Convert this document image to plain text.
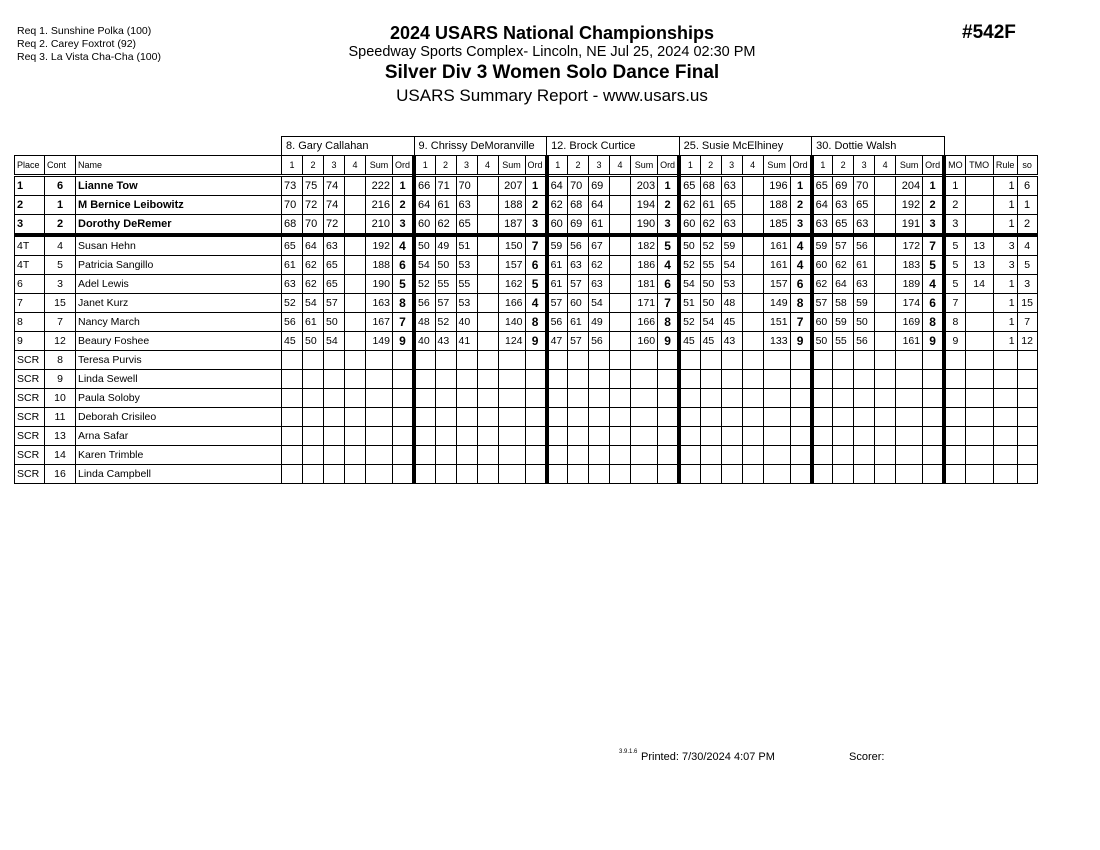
Req 1. Sunshine Polka (100)
Req 2. Carey Foxtrot (92)
Req 3. La Vista Cha-Cha (100)
2024 USARS National Championships
Speedway Sports Complex- Lincoln, NE Jul 25, 2024 02:30 PM
Silver Div 3 Women Solo Dance Final
USARS Summary Report - www.usars.us
#542F
			8. Gary Callahan						9. Chrissy DeMoranville						12. Brock Curtice						25. Susie McElhiney						30. Dottie Walsh									
Place	Cont	Name	1	2	3	4	Sum	Ord	1	2	3	4	Sum	Ord	1	2	3	4	Sum	Ord	1	2	3	4	Sum	Ord	1	2	3	4	Sum	Ord	MO	TMO	Rule	so
1	6	Lianne Tow	73	75	74		222	1	66	71	70		207	1	64	70	69		203	1	65	68	63		196	1	65	69	70		204	1	1		1	6
2	1	M Bernice Leibowitz	70	72	74		216	2	64	61	63		188	2	62	68	64		194	2	62	61	65		188	2	64	63	65		192	2	2		1	1
3	2	Dorothy DeRemer	68	70	72		210	3	60	62	65		187	3	60	69	61		190	3	60	62	63		185	3	63	65	63		191	3	3		1	2
4T	4	Susan Hehn	65	64	63		192	4	50	49	51		150	7	59	56	67		182	5	50	52	59		161	4	59	57	56		172	7	5	13	3	4
4T	5	Patricia Sangillo	61	62	65		188	6	54	50	53		157	6	61	63	62		186	4	52	55	54		161	4	60	62	61		183	5	5	13	3	5
6	3	Adel Lewis	63	62	65		190	5	52	55	55		162	5	61	57	63		181	6	54	50	53		157	6	62	64	63		189	4	5	14	1	3
7	15	Janet Kurz	52	54	57		163	8	56	57	53		166	4	57	60	54		171	7	51	50	48		149	8	57	58	59		174	6	7		1	15
8	7	Nancy March	56	61	50		167	7	48	52	40		140	8	56	61	49		166	8	52	54	45		151	7	60	59	50		169	8	8		1	7
9	12	Beaury Foshee	45	50	54		149	9	40	43	41		124	9	47	57	56		160	9	45	45	43		133	9	50	55	56		161	9	9		1	12
SCR	8	Teresa Purvis																																		
SCR	9	Linda Sewell																																		
SCR	10	Paula Soloby																																		
SCR	11	Deborah Crisileo																																		
SCR	13	Arna Safar																																		
SCR	14	Karen Trimble																																		
SCR	16	Linda Campbell																																		
3.9.1.6 Printed: 7/30/2024 4:07 PM	Scorer:
